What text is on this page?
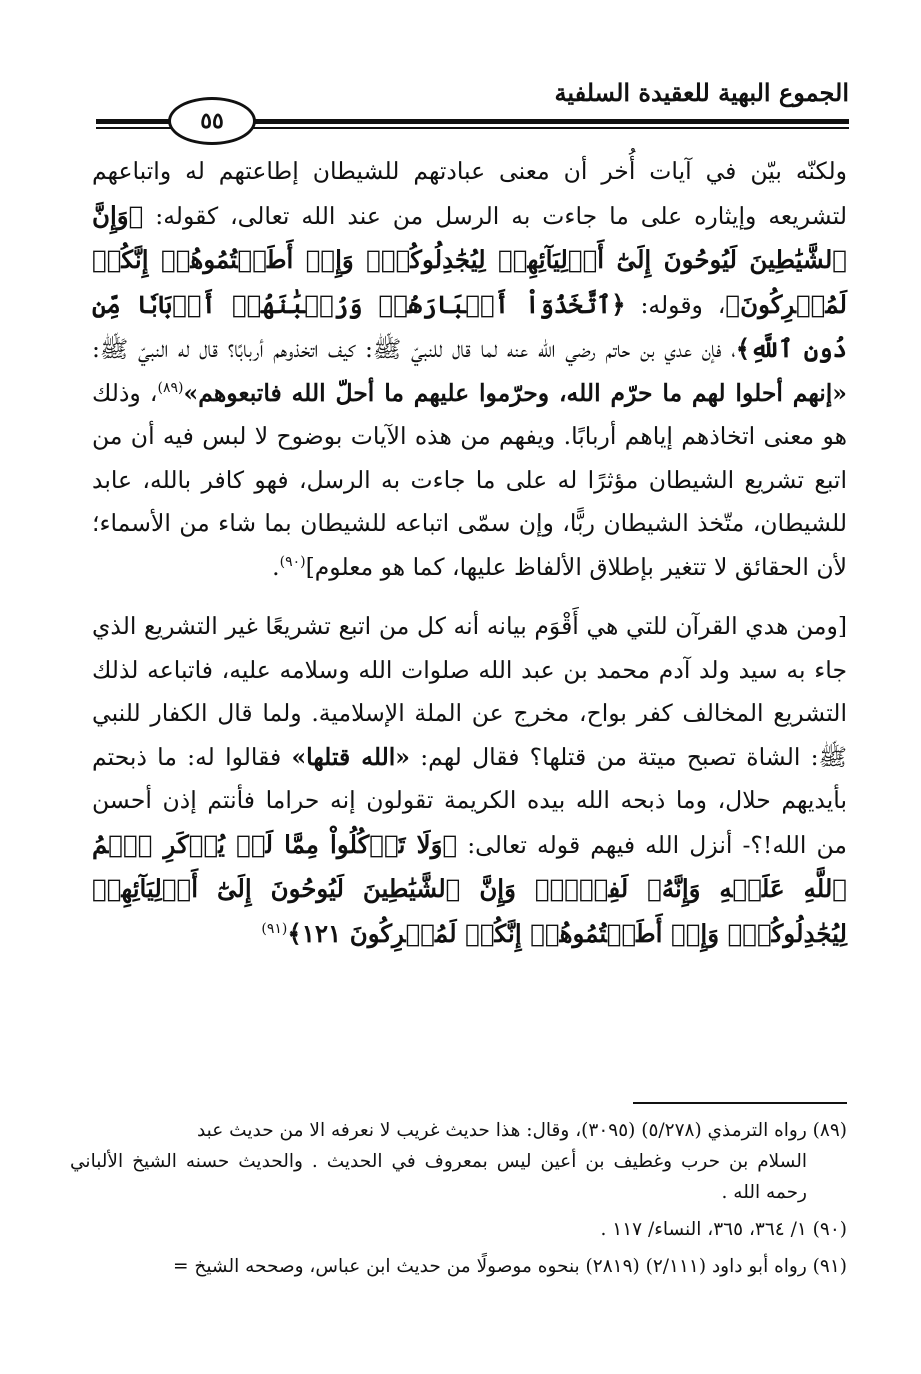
الجموع البهية للعقيدة السلفية
٥٥

ولكنّه بيّن في آيات أُخر أن معنى عبادتهم للشيطان إطاعتهم له واتباعهم لتشريعه وإيثاره على ما جاءت به الرسل من عند الله تعالى، كقوله: ﴿وَإِنَّ ٱلشَّيَٰطِينَ لَيُوحُونَ إِلَىٰٓ أَوۡلِيَآئِهِمۡ لِيُجَٰدِلُوكُمۡۖ وَإِنۡ أَطَعۡتُمُوهُمۡ إِنَّكُمۡ لَمُشۡرِكُونَ﴾، وقوله: ﴿ٱتَّخَذُوٓاْ أَحۡبَارَهُمۡ وَرُهۡبَٰنَهُمۡ أَرۡبَابٗا مِّن دُونِ ٱللَّهِ﴾، فإن عدي بن حاتم رضي الله عنه لما قال للنبيّ ﷺ: كيف اتخذوهم أربابًا؟ قال له النبيّ ﷺ: «إنهم أحلوا لهم ما حرّم الله، وحرّموا عليهم ما أحلّ الله فاتبعوهم»$^{(٨٩)}$، وذلك هو معنى اتخاذهم إياهم أربابًا. ويفهم من هذه الآيات بوضوح لا لبس فيه أن من اتبع تشريع الشيطان مؤثرًا له على ما جاءت به الرسل، فهو كافر بالله، عابد للشيطان، متّخذ الشيطان ربًّا، وإن سمّى اتباعه للشيطان بما شاء من الأسماء؛ لأن الحقائق لا تتغير بإطلاق الألفاظ عليها، كما هو معلوم]$^{(٩٠)}$.

[ومن هدي القرآن للتي هي أَقْوَم بيانه أنه كل من اتبع تشريعًا غير التشريع الذي جاء به سيد ولد آدم محمد بن عبد الله صلوات الله وسلامه عليه، فاتباعه لذلك التشريع المخالف كفر بواح، مخرج عن الملة الإسلامية. ولما قال الكفار للنبي ﷺ: الشاة تصبح ميتة من قتلها؟ فقال لهم: «الله قتلها» فقالوا له: ما ذبحتم بأيديهم حلال، وما ذبحه الله بيده الكريمة تقولون إنه حراما فأنتم إذن أحسن من الله!؟- أنزل الله فيهم قوله تعالى: ﴿وَلَا تَأۡكُلُواْ مِمَّا لَمۡ يُذۡكَرِ ٱسۡمُ ٱللَّهِ عَلَيۡهِ وَإِنَّهُۥ لَفِسۡقٞۗ وَإِنَّ ٱلشَّيَٰطِينَ لَيُوحُونَ إِلَىٰٓ أَوۡلِيَآئِهِمۡ لِيُجَٰدِلُوكُمۡۖ وَإِنۡ أَطَعۡتُمُوهُمۡ إِنَّكُمۡ لَمُشۡرِكُونَ ١٢١﴾$^{(٩١)}$

(٨٩) رواه الترمذي (٥/٢٧٨) (٣٠٩٥)، وقال: هذا حديث غريب لا نعرفه الا من حديث عبد

السلام بن حرب وغطيف بن أعين ليس بمعروف في الحديث . والحديث حسنه الشيخ الألباني رحمه الله .

(٩٠) ١/ ٣٦٤، ٣٦٥، النساء/ ١١٧ .

(٩١) رواه أبو داود (٢/١١١) (٢٨١٩) بنحوه موصولًا من حديث ابن عباس، وصححه الشيخ =
